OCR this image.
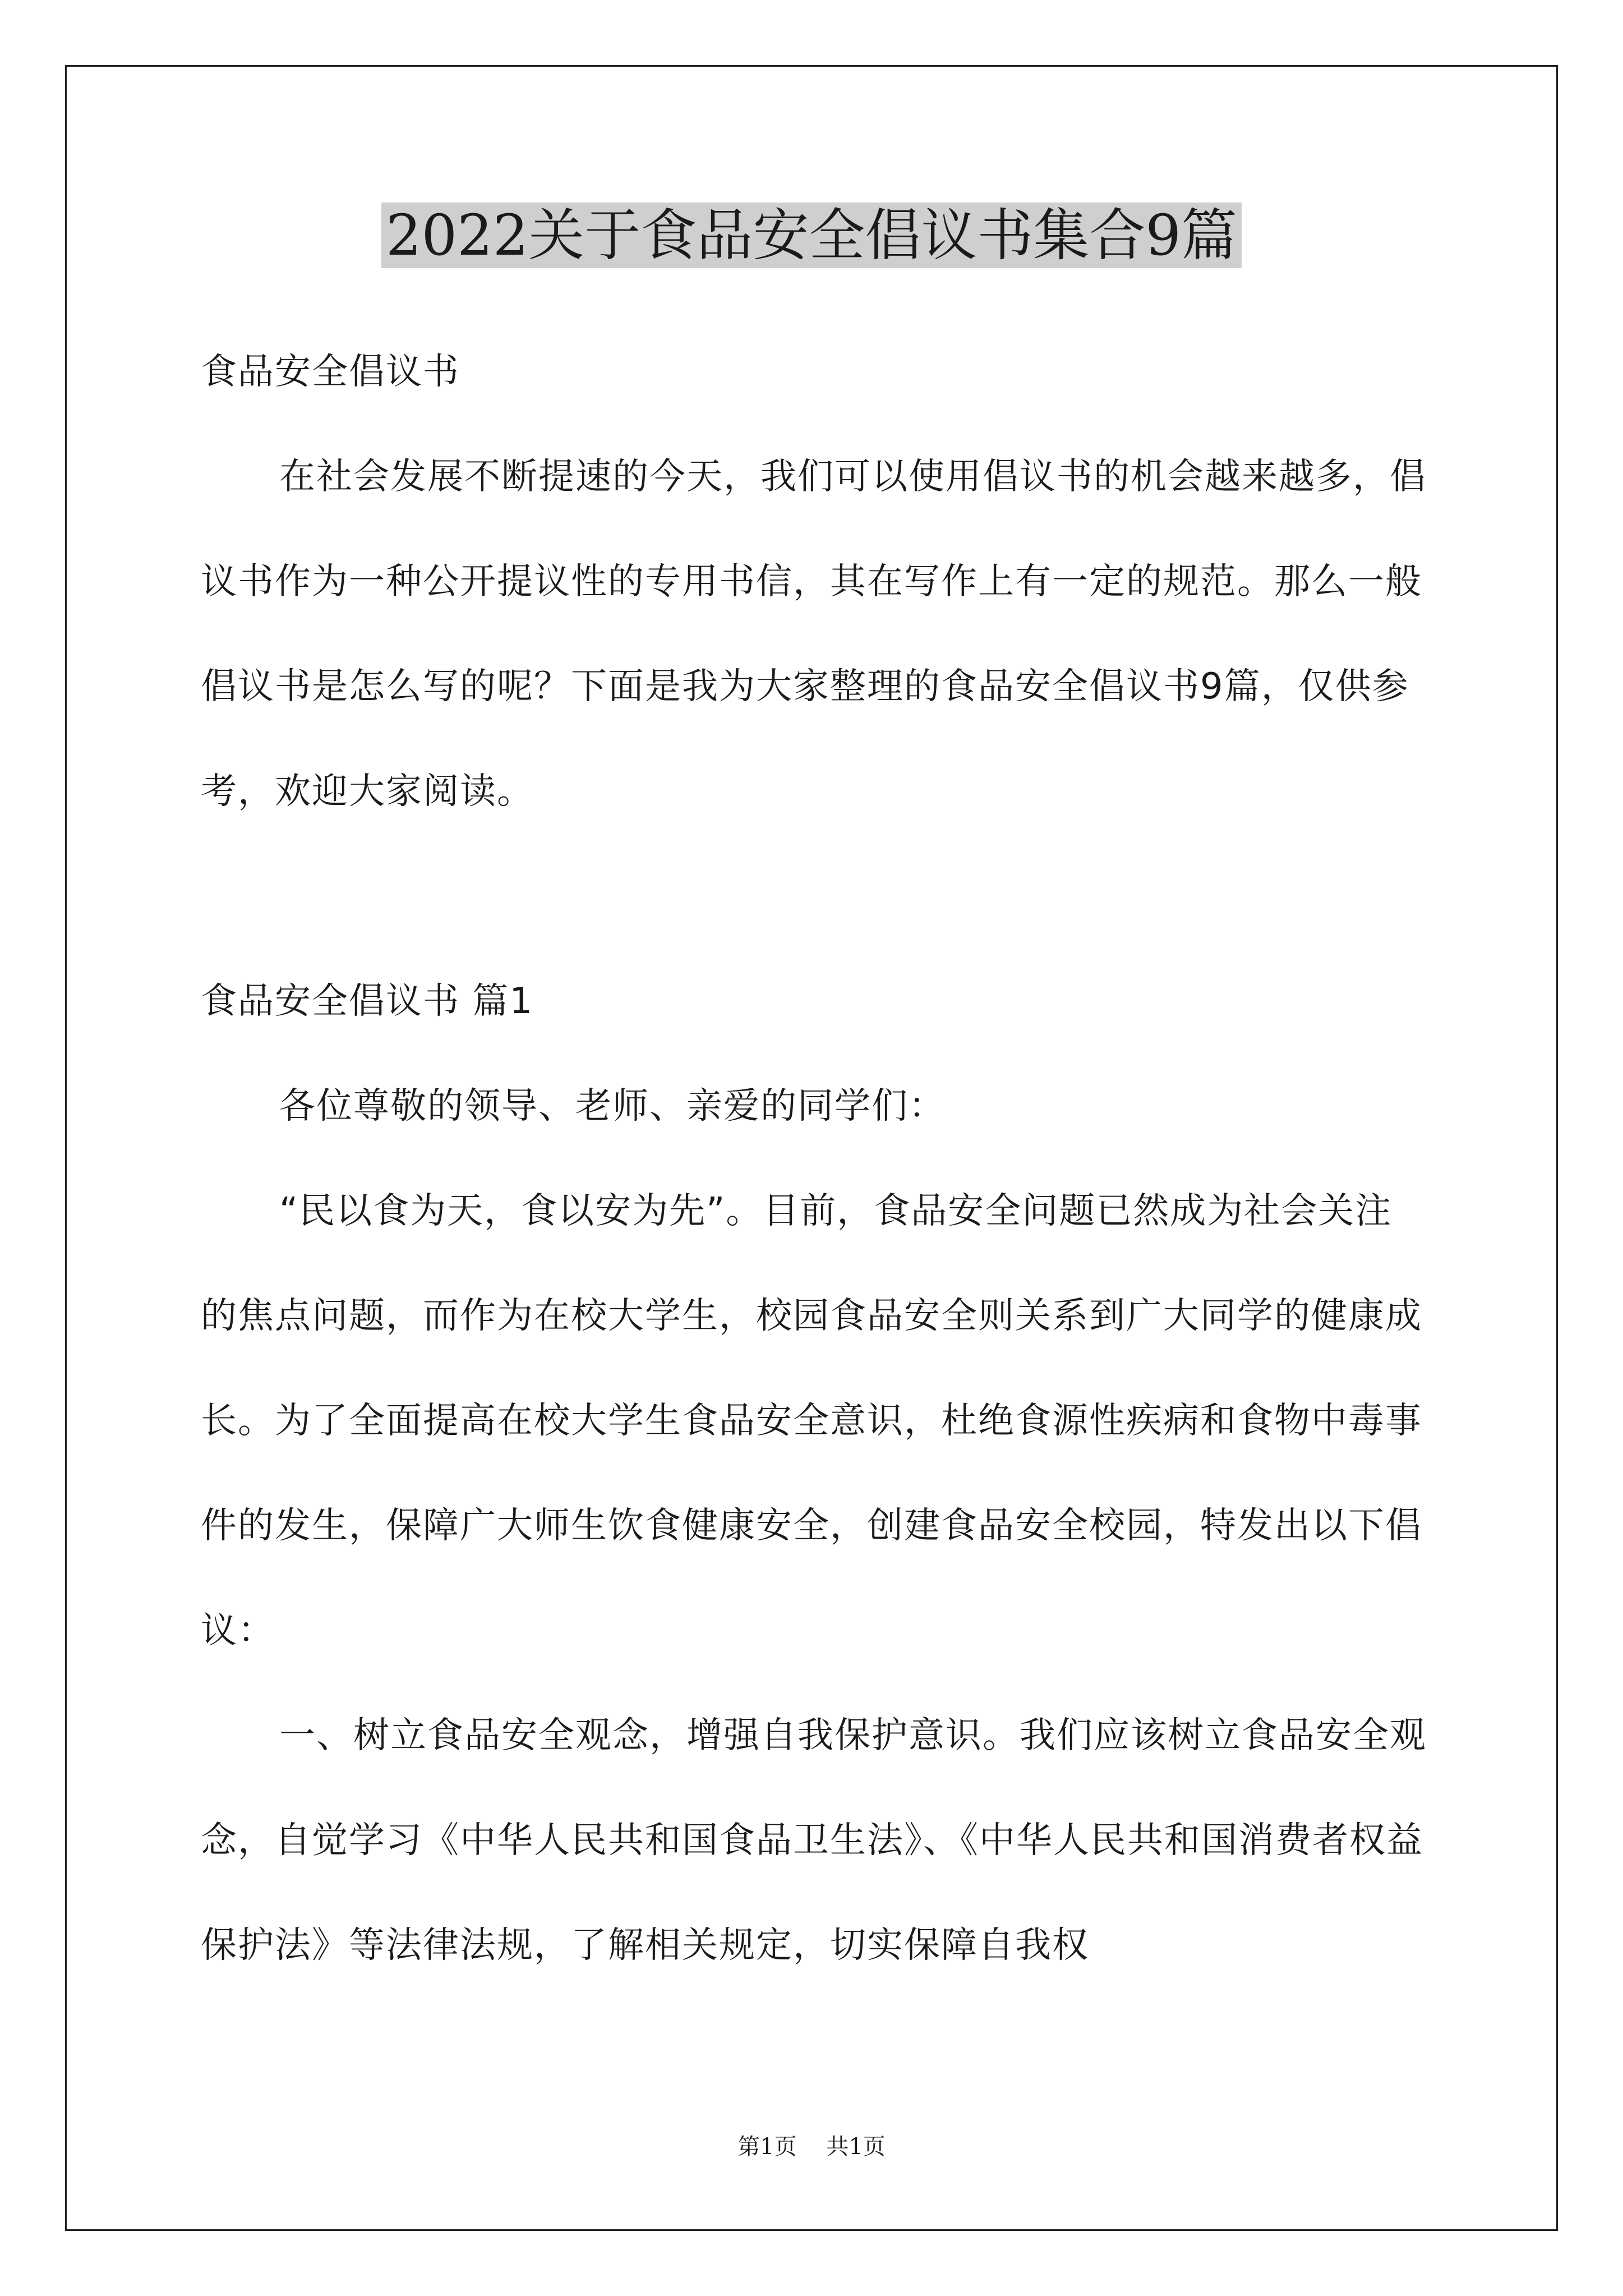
2022关于食品安全倡议书集合9篇

食品安全倡议书

在社会发展不断提速的今天，我们可以使用倡议书的机会越来越多，倡议书作为一种公开提议性的专用书信，其在写作上有一定的规范。那么一般倡议书是怎么写的呢？下面是我为大家整理的食品安全倡议书9篇，仅供参考，欢迎大家阅读。

食品安全倡议书 篇1

各位尊敬的领导、老师、亲爱的同学们：

“民以食为天，食以安为先”。目前，食品安全问题已然成为社会关注的焦点问题，而作为在校大学生，校园食品安全则关系到广大同学的健康成长。为了全面提高在校大学生食品安全意识，杜绝食源性疾病和食物中毒事件的发生，保障广大师生饮食健康安全，创建食品安全校园，特发出以下倡议：

一、树立食品安全观念，增强自我保护意识。我们应该树立食品安全观念，自觉学习《中华人民共和国食品卫生法》、《中华人民共和国消费者权益保护法》等法律法规，了解相关规定，切实保障自我权

第1页 共1页
